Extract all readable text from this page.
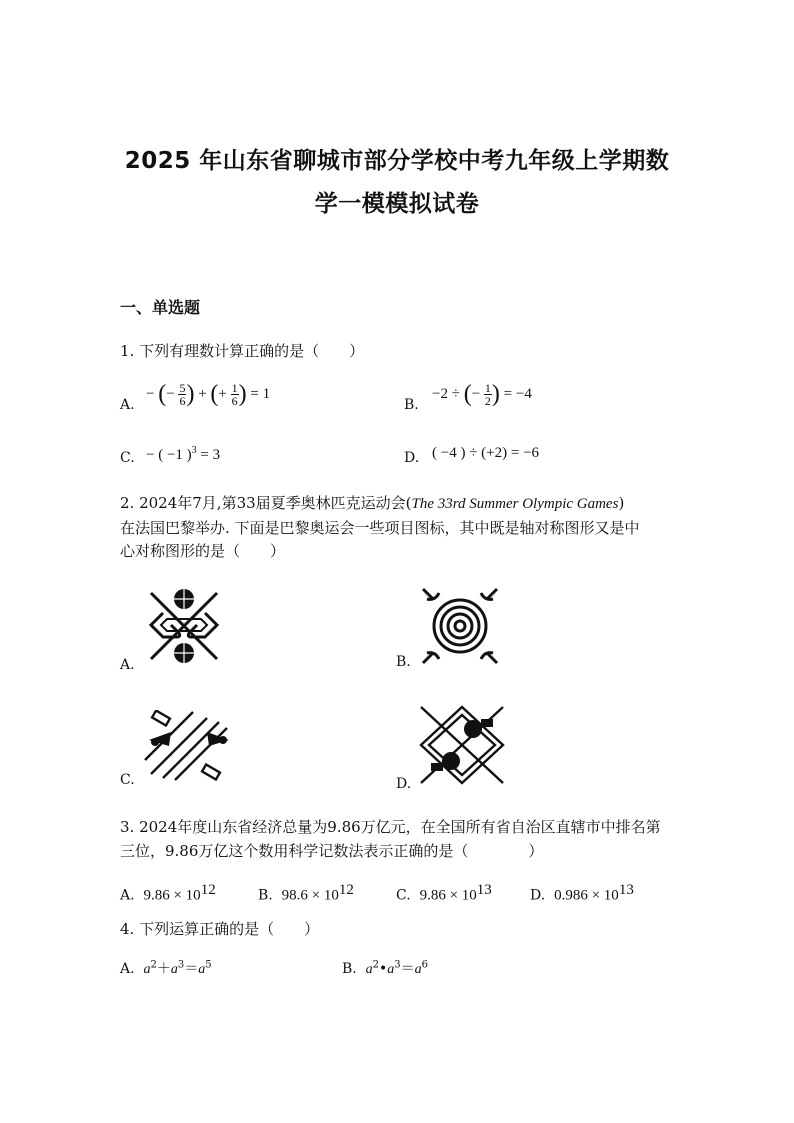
2025 年山东省聊城市部分学校中考九年级上学期数
学一模模拟试卷
一、单选题
1. 下列有理数计算正确的是（　　）
A.
− (− $\frac{5}{6}$ ) + (+ $\frac{1}{6}$ ) = 1
B.
−2 ÷ (− $\frac{1}{2}$ ) = −4
C. − ( −1 )$^3$ = 3	D. ( −4 ) ÷ (+2) = −6
2. 2024年7月,第33届夏季奥林匹克运动会(The 33rd Summer Olympic Games)
在法国巴黎举办. 下面是巴黎奥运会一些项目图标，其中既是轴对称图形又是中
心对称图形的是（　　）
A.	B.
C.	D.
3. 2024年度山东省经济总量为9.86万亿元，在全国所有省自治区直辖市中排名第
三位，9.86万亿这个数用科学记数法表示正确的是（　　　　）
A. $9.86 \times 10^{12}$	B. $98.6 \times 10^{12}$	C. $9.86 \times 10^{13}$	D. $0.986 \times 10^{13}$
4. 下列运算正确的是（　　）
A. $a^2+a^3=a^5$	B. $a^2•a^3=a^6$
